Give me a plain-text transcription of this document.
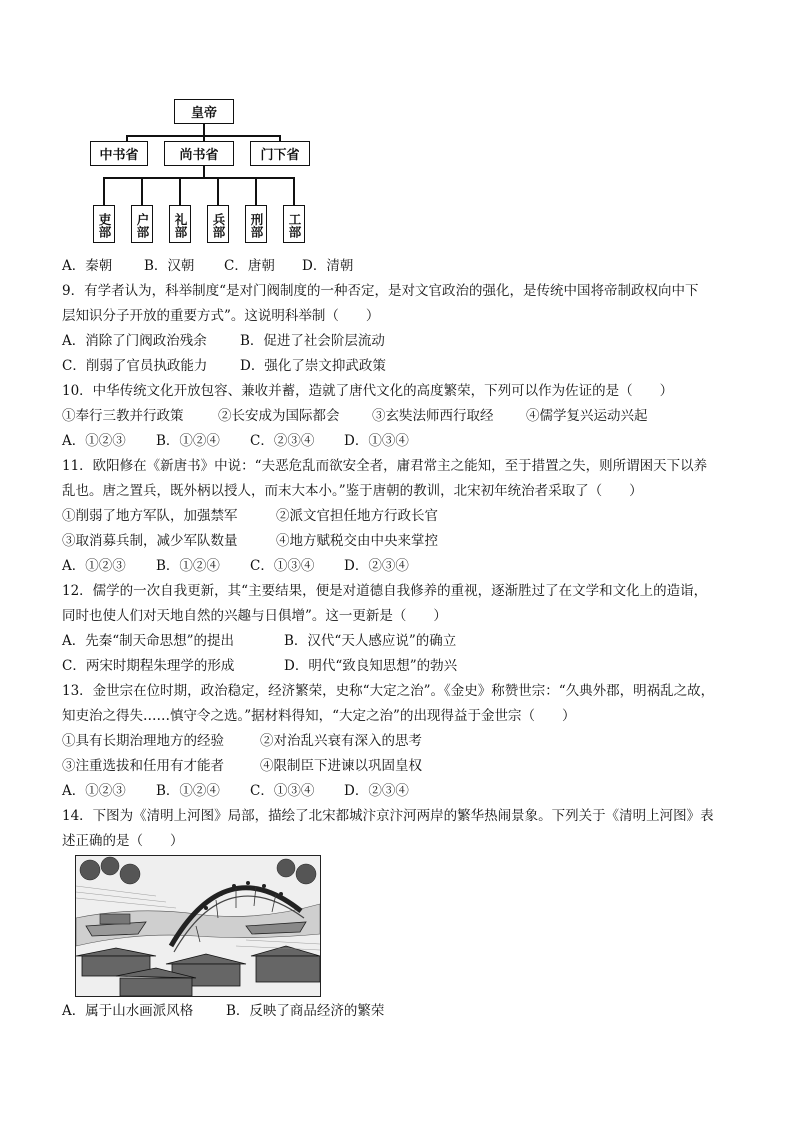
皇帝
中书省	尚书省	门下省
吏部	户部	礼部	兵部	刑部	工部
A．秦朝 B．汉朝 C．唐朝 D．清朝
9．有学者认为，科举制度“是对门阀制度的一种否定，是对文官政治的强化，是传统中国将帝制政权向中下
层知识分子开放的重要方式”。这说明科举制（　　）
A．消除了门阀政治残余 B．促进了社会阶层流动
C．削弱了官员执政能力 D．强化了崇文抑武政策
10．中华传统文化开放包容、兼收并蓄，造就了唐代文化的高度繁荣，下列可以作为佐证的是（　　）
①奉行三教并行政策	②长安成为国际都会 ③玄奘法师西行取经 ④儒学复兴运动兴起
A．①②③ B．①②④ C．②③④ D．①③④
11．欧阳修在《新唐书》中说：“夫恶危乱而欲安全者，庸君常主之能知，至于措置之失，则所谓困天下以养
乱也。唐之置兵，既外柄以授人，而末大本小。”鉴于唐朝的教训，北宋初年统治者采取了（　　）
①削弱了地方军队，加强禁军	②派文官担任地方行政长官
③取消募兵制，减少军队数量	④地方赋税交由中央来掌控
A．①②③ B．①②④ C．①③④ D．②③④
12．儒学的一次自我更新，其“主要结果，便是对道德自我修养的重视，逐渐胜过了在文学和文化上的造诣，
同时也使人们对天地自然的兴趣与日俱增”。这一更新是（　　）
A．先秦“制天命思想”的提出	B．汉代“天人感应说”的确立
C．两宋时期程朱理学的形成	D．明代“致良知思想”的勃兴
13．金世宗在位时期，政治稳定，经济繁荣，史称“大定之治”。《金史》称赞世宗：“久典外郡，明祸乱之故，
知吏治之得失……慎守令之选。”据材料得知，“大定之治”的出现得益于金世宗（　　）
①具有长期治理地方的经验	②对治乱兴衰有深入的思考
③注重选拔和任用有才能者	④限制臣下进谏以巩固皇权
A．①②③ B．①②④ C．①③④ D．②③④
14．下图为《清明上河图》局部，描绘了北宋都城汴京汴河两岸的繁华热闹景象。下列关于《清明上河图》表
述正确的是（　　）
A．属于山水画派风格 B．反映了商品经济的繁荣
